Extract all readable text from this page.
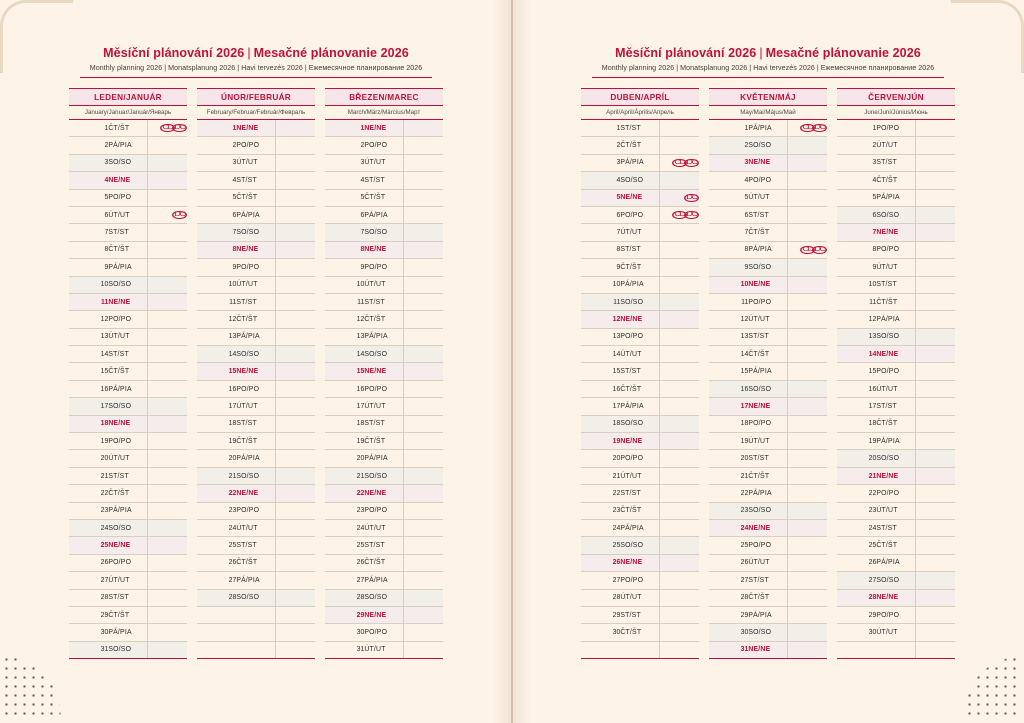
Měsíční plánování 2026 | Mesačné plánovanie 2026
Monthly planning 2026 | Monatsplanung 2026 | Havi tervezés 2026 | Ежемесячное планирование 2026
LEDEN/JANUÁR		
January/Januar/Január/Январь		
1	ČT/ŠT	CD DC

2	PÁ/PIA	
3	SO/SO	
4	NE/NE	
5	PO/PO	
6	ÚT/UT	DC

7	ST/ST	
8	ČT/ŠT	
9	PÁ/PIA	
10	SO/SO	
11	NE/NE	
12	PO/PO	
13	ÚT/UT	
14	ST/ST	
15	ČT/ŠT	
16	PÁ/PIA	
17	SO/SO	
18	NE/NE	
19	PO/PO	
20	ÚT/UT	
21	ST/ST	
22	ČT/ŠT	
23	PÁ/PIA	
24	SO/SO	
25	NE/NE	
26	PO/PO	
27	ÚT/UT	
28	ST/ST	
29	ČT/ŠT	
30	PÁ/PIA	
31	SO/SO	
ÚNOR/FEBRUÁR		
February/Februar/Február/Февраль		
1	NE/NE	
2	PO/PO	
3	ÚT/UT	
4	ST/ST	
5	ČT/ŠT	
6	PÁ/PIA	
7	SO/SO	
8	NE/NE	
9	PO/PO	
10	ÚT/UT	
11	ST/ST	
12	ČT/ŠT	
13	PÁ/PIA	
14	SO/SO	
15	NE/NE	
16	PO/PO	
17	ÚT/UT	
18	ST/ST	
19	ČT/ŠT	
20	PÁ/PIA	
21	SO/SO	
22	NE/NE	
23	PO/PO	
24	ÚT/UT	
25	ST/ST	
26	ČT/ŠT	
27	PÁ/PIA	
28	SO/SO	

BŘEZEN/MAREC		
March/März/Március/Март		
1	NE/NE	
2	PO/PO	
3	ÚT/UT	
4	ST/ST	
5	ČT/ŠT	
6	PÁ/PIA	
7	SO/SO	
8	NE/NE	
9	PO/PO	
10	ÚT/UT	
11	ST/ST	
12	ČT/ŠT	
13	PÁ/PIA	
14	SO/SO	
15	NE/NE	
16	PO/PO	
17	ÚT/UT	
18	ST/ST	
19	ČT/ŠT	
20	PÁ/PIA	
21	SO/SO	
22	NE/NE	
23	PO/PO	
24	ÚT/UT	
25	ST/ST	
26	ČT/ŠT	
27	PÁ/PIA	
28	SO/SO	
29	NE/NE	
30	PO/PO	
31	ÚT/UT	
Měsíční plánování 2026 | Mesačné plánovanie 2026
Monthly planning 2026 | Monatsplanung 2026 | Havi tervezés 2026 | Ежемесячное планирование 2026
DUBEN/APRÍL		
April/April/Április/Апрель		
1	ST/ST	
2	ČT/ŠT	
3	PÁ/PIA	CD DC

4	SO/SO	
5	NE/NE	DC

6	PO/PO	CD DC

7	ÚT/UT	
8	ST/ST	
9	ČT/ŠT	
10	PÁ/PIA	
11	SO/SO	
12	NE/NE	
13	PO/PO	
14	ÚT/UT	
15	ST/ST	
16	ČT/ŠT	
17	PÁ/PIA	
18	SO/SO	
19	NE/NE	
20	PO/PO	
21	ÚT/UT	
22	ST/ST	
23	ČT/ŠT	
24	PÁ/PIA	
25	SO/SO	
26	NE/NE	
27	PO/PO	
28	ÚT/UT	
29	ST/ST	
30	ČT/ŠT	

KVĚTEN/MÁJ		
May/Mai/Május/Май		
1	PÁ/PIA	CD DC

2	SO/SO	
3	NE/NE	
4	PO/PO	
5	ÚT/UT	
6	ST/ST	
7	ČT/ŠT	
8	PÁ/PIA	CD DC

9	SO/SO	
10	NE/NE	
11	PO/PO	
12	ÚT/UT	
13	ST/ST	
14	ČT/ŠT	
15	PÁ/PIA	
16	SO/SO	
17	NE/NE	
18	PO/PO	
19	ÚT/UT	
20	ST/ST	
21	ČT/ŠT	
22	PÁ/PIA	
23	SO/SO	
24	NE/NE	
25	PO/PO	
26	ÚT/UT	
27	ST/ST	
28	ČT/ŠT	
29	PÁ/PIA	
30	SO/SO	
31	NE/NE	
ČERVEN/JÚN		
June/Juni/Június/Июнь		
1	PO/PO	
2	ÚT/UT	
3	ST/ST	
4	ČT/ŠT	
5	PÁ/PIA	
6	SO/SO	
7	NE/NE	
8	PO/PO	
9	ÚT/UT	
10	ST/ST	
11	ČT/ŠT	
12	PÁ/PIA	
13	SO/SO	
14	NE/NE	
15	PO/PO	
16	ÚT/UT	
17	ST/ST	
18	ČT/ŠT	
19	PÁ/PIA	
20	SO/SO	
21	NE/NE	
22	PO/PO	
23	ÚT/UT	
24	ST/ST	
25	ČT/ŠT	
26	PÁ/PIA	
27	SO/SO	
28	NE/NE	
29	PO/PO	
30	ÚT/UT	
